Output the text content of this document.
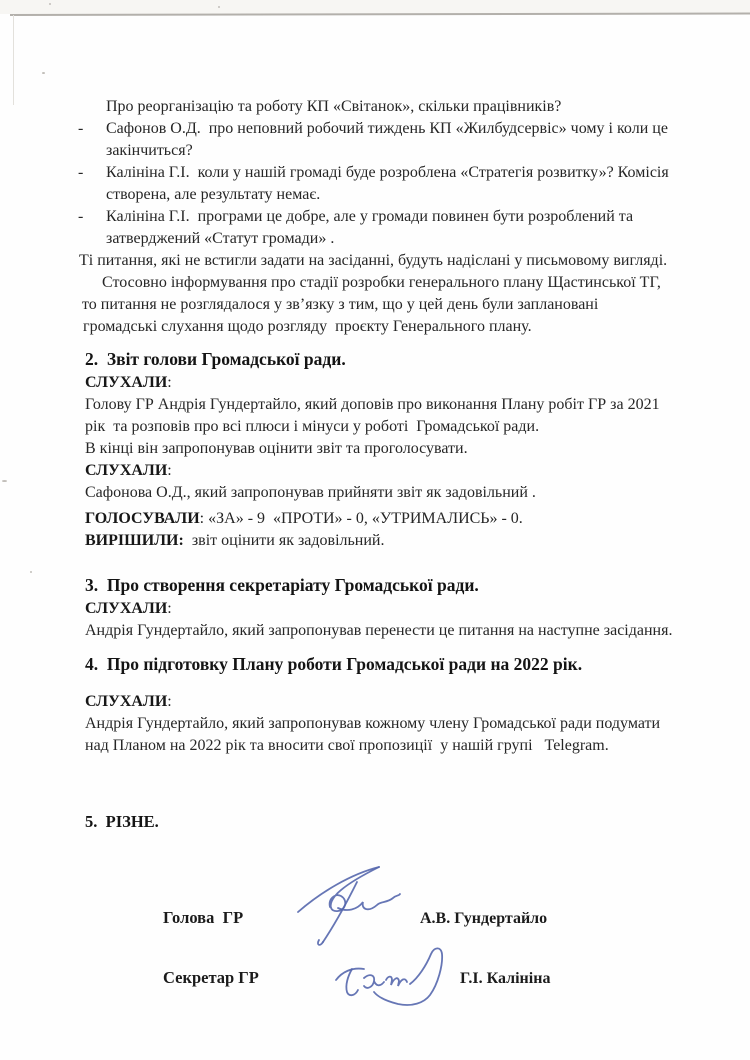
Про реорганізацію та роботу КП «Світанок», скільки працівників?
- Сафонов О.Д.  про неповний робочий тиждень КП «Жилбудсервіс» чому і коли це
закінчиться?
- Калініна Г.І.  коли у нашій громаді буде розроблена «Стратегія розвитку»? Комісія
створена, але результату немає.
- Калініна Г.І.  програми це добре, але у громади повинен бути розроблений та
затверджений «Статут громади» .
Ті питання, які не встигли задати на засіданні, будуть надіслані у письмовому вигляді.
Стосовно інформування про стадії розробки генерального плану Щастинської ТГ,
то питання не розглядалося у зв’язку з тим, що у цей день були заплановані
громадські слухання щодо розгляду  проєкту Генерального плану.
2.  Звіт голови Громадської ради.
СЛУХАЛИ:
Голову ГР Андрія Гундертайло, який доповів про виконання Плану робіт ГР за 2021
рік  та розповів про всі плюси і мінуси у роботі  Громадської ради.
В кінці він запропонував оцінити звіт та проголосувати.
СЛУХАЛИ:
Сафонова О.Д., який запропонував прийняти звіт як задовільний .
ГОЛОСУВАЛИ: «ЗА» - 9  «ПРОТИ» - 0, «УТРИМАЛИСЬ» - 0.
ВИРІШИЛИ:  звіт оцінити як задовільний.
3.  Про створення секретаріату Громадської ради.
СЛУХАЛИ:
Андрія Гундертайло, який запропонував перенести це питання на наступне засідання.
4.  Про підготовку Плану роботи Громадської ради на 2022 рік.
СЛУХАЛИ:
Андрія Гундертайло, який запропонував кожному члену Громадської ради подумати
над Планом на 2022 рік та вносити свої пропозиції  у нашій групі   Telegram.
5.  РІЗНЕ.
Голова  ГР	А.В. Гундертайло
Секретар ГР	Г.І. Калініна
